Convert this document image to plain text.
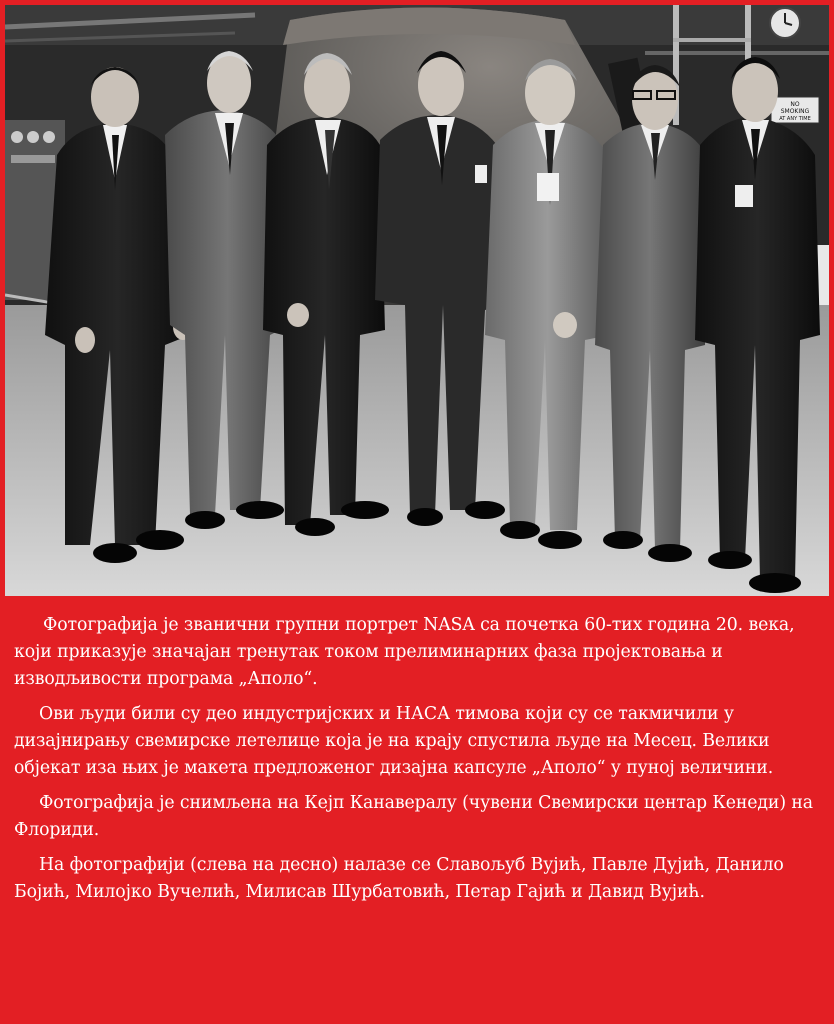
NO
SMOKING
AT ANY TIME

Фотографија је званични групни портрет NASA са почетка 60-тих година 20. века, који приказује значајан тренутак током прелиминарних фаза пројектовања и изводљивости програма „Аполо“.

Ови људи били су део индустријских и НАСА тимова који су се такмичили у дизајнирању свемирске летелице која је на крају спустила људе на Месец. Велики објекат иза њих је макета предложеног дизајна капсуле „Аполо“ у пуној величини.

Фотографија је снимљена на Кејп Канавералу (чувени Свемирски центар Кенеди) на Флориди.

На фотографији (слева на десно) налазе се Славољуб Вујић, Павле Дујић, Данило Бојић, Милојко Вучелић, Милисав Шурбатовић, Петар Гајић и Давид Вујић.
